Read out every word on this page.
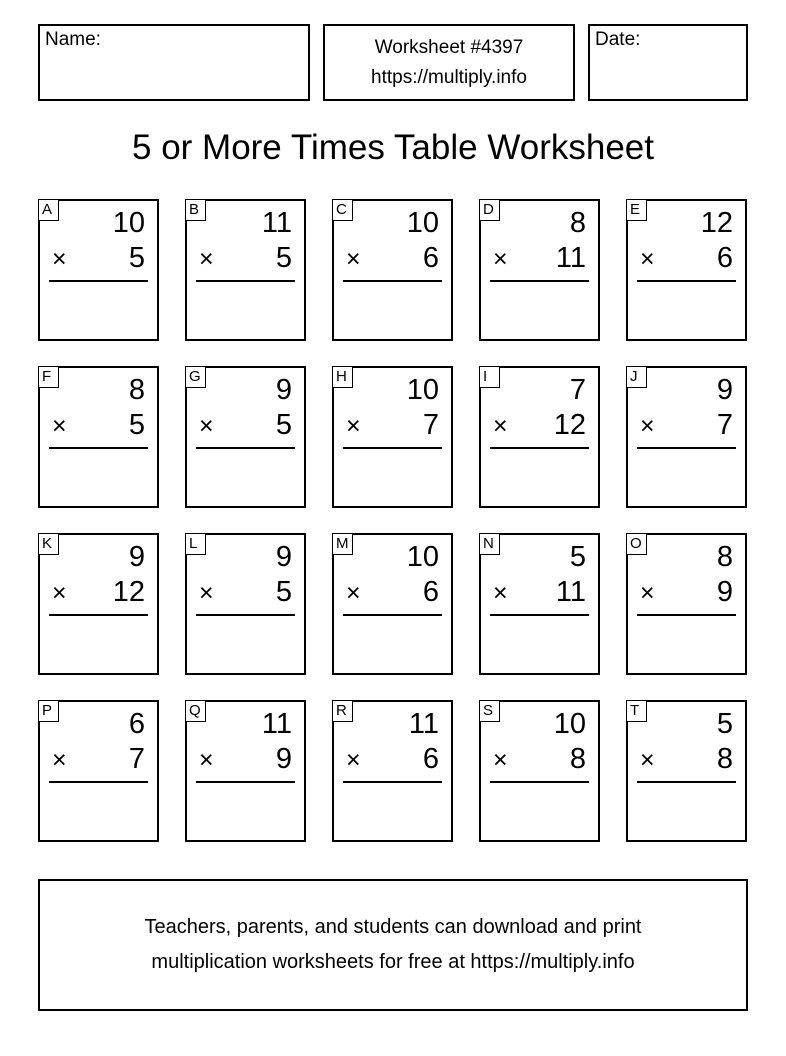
Name:	Worksheet #4397
https://multiply.info
Date:
5 or More Times Table Worksheet
A 10
× 5
B 11
× 5
C 10
× 6
D	8
× 11
E 12
× 6
F	8
× 5
G	9
× 5
H 10
× 7
I	7
× 12
J	9
× 7
K	9
× 12
L	9
× 5
M 10
× 6
N	5
× 11
O	8
× 9
P	6
× 7
Q 11
× 9
R 11
× 6
S 10
× 8
T	5
× 8
Teachers, parents, and students can download and print
multiplication worksheets for free at https://multiply.info
